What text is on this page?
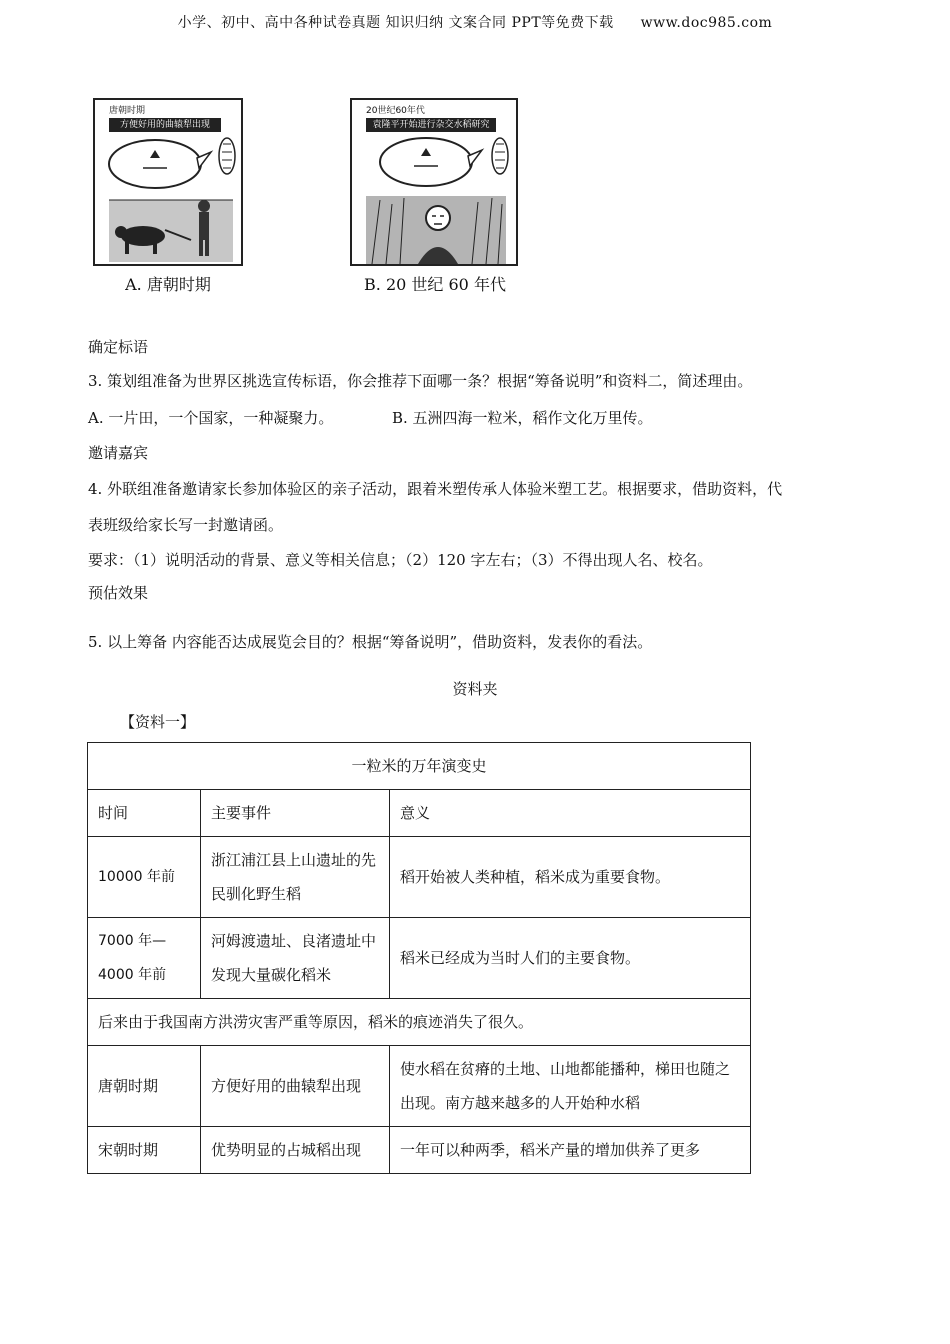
小学、初中、高中各种试卷真题 知识归纳 文案合同 PPT等免费下载 www.doc985.com
唐朝时期
方便好用的曲辕犁出现
A. 唐朝时期
20世纪60年代
袁隆平开始进行杂交水稻研究
B. 20 世纪 60 年代
确定标语
3. 策划组准备为世界区挑选宣传标语，你会推荐下面哪一条？根据“筹备说明”和资料二，简述理由。
A. 一片田，一个国家，一种凝聚力。	B. 五洲四海一粒米，稻作文化万里传。
邀请嘉宾
4. 外联组准备邀请家长参加体验区的亲子活动，跟着米塑传承人体验米塑工艺。根据要求，借助资料，代
表班级给家长写一封邀请函。
要求：（1）说明活动的背景、意义等相关信息；（2）120 字左右；（3）不得出现人名、校名。
预估效果
5. 以上筹备 内容能否达成展览会目的？根据“筹备说明”，借助资料，发表你的看法。
资料夹
【资料一】
一粒米的万年演变史		
时间	主要事件	意义
10000 年前	浙江浦江县上山遗址的先民驯化野生稻	稻开始被人类种植，稻米成为重要食物。
7000 年—4000 年前	河姆渡遗址、良渚遗址中发现大量碳化稻米	稻米已经成为当时人们的主要食物。
后来由于我国南方洪涝灾害严重等原因，稻米的痕迹消失了很久。		
唐朝时期	方便好用的曲辕犁出现	使水稻在贫瘠的土地、山地都能播种，梯田也随之出现。南方越来越多的人开始种水稻
宋朝时期	优势明显的占城稻出现	一年可以种两季，稻米产量的增加供养了更多
